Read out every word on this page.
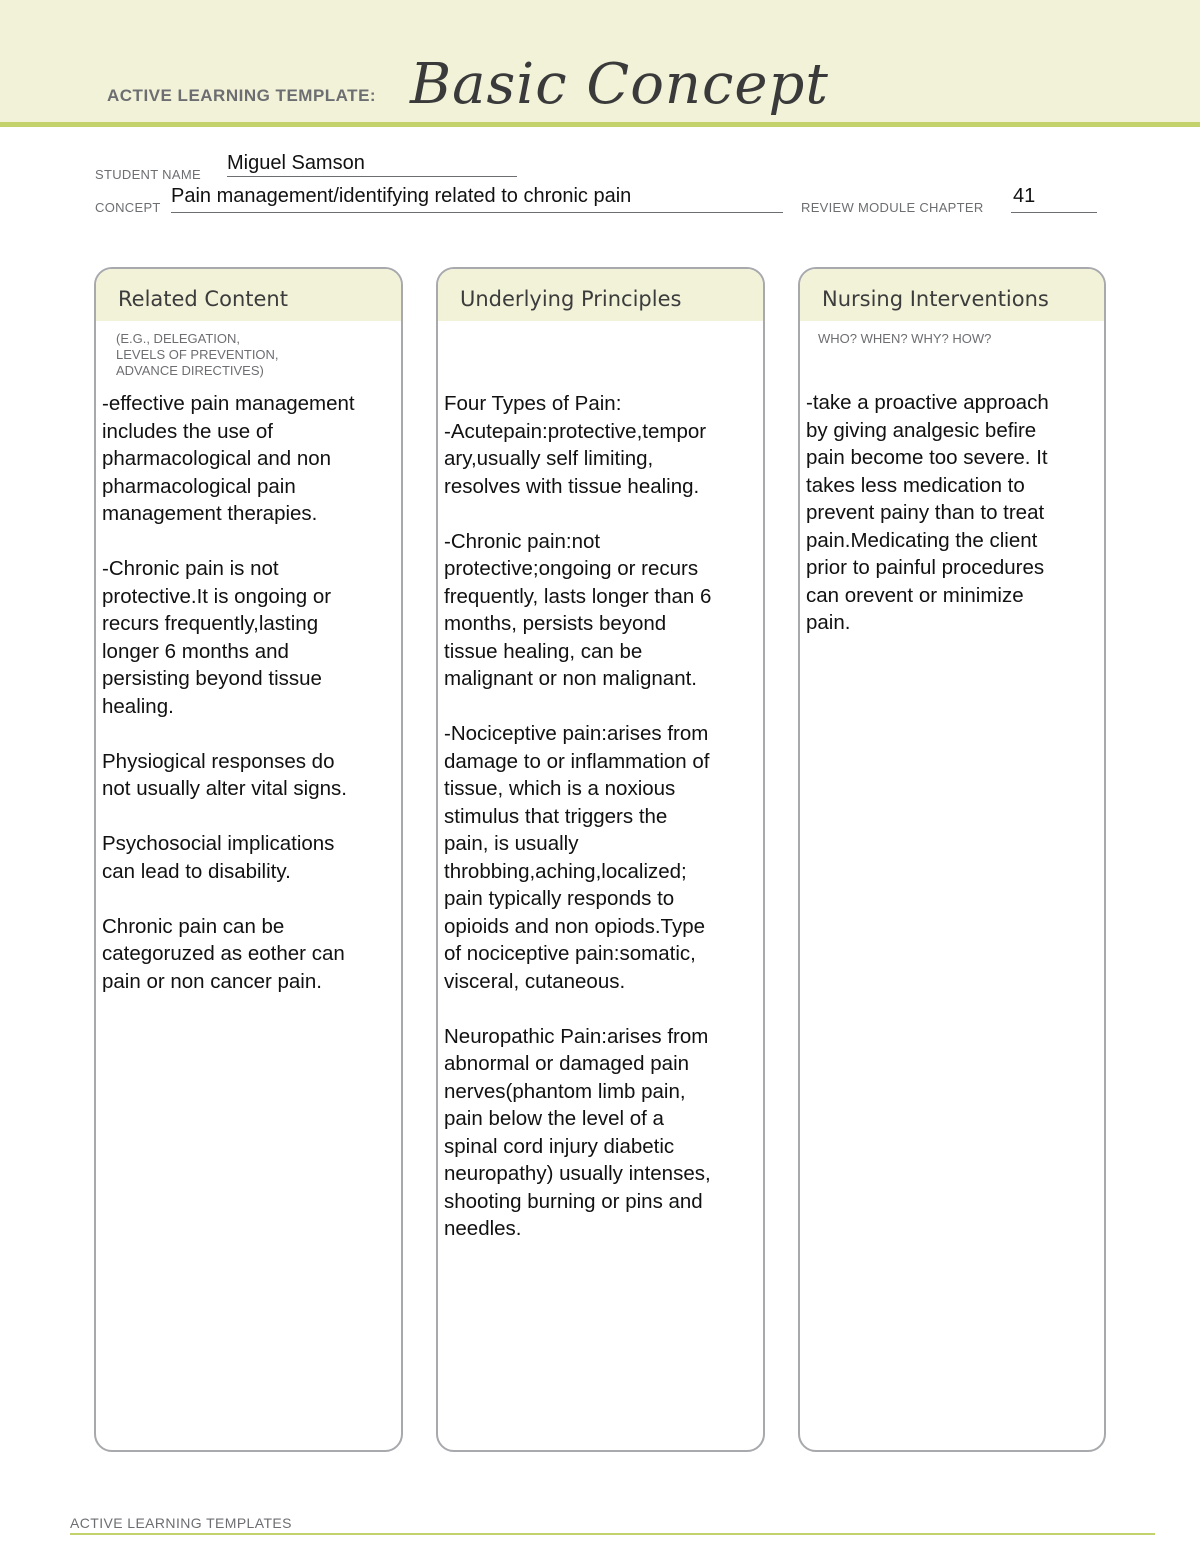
ACTIVE LEARNING TEMPLATE: Basic Concept
STUDENT NAME
Miguel Samson
CONCEPT
Pain management/identifying related to chronic pain
REVIEW MODULE CHAPTER
41
Related Content
(E.G., DELEGATION,
LEVELS OF PREVENTION,
ADVANCE DIRECTIVES)
-effective pain management
includes the use of
pharmacological and non
pharmacological pain
management therapies.

-Chronic pain is not
protective.It is ongoing or
recurs frequently,lasting
longer 6 months and
persisting beyond tissue
healing.

Physiogical responses do
not usually alter vital signs.

Psychosocial implications
can lead to disability.

Chronic pain can be
categoruzed as eother can
pain or non cancer pain.
Underlying Principles
Four Types of Pain:
-Acutepain:protective,tempor
ary,usually self limiting,
resolves with tissue healing.

-Chronic pain:not
protective;ongoing or recurs
frequently, lasts longer than 6
months, persists beyond
tissue healing, can be
malignant or non malignant.

-Nociceptive pain:arises from
damage to or inflammation of
tissue, which is a noxious
stimulus that triggers the
pain, is usually
throbbing,aching,localized;
pain typically responds to
opioids and non opiods.Type
of nociceptive pain:somatic,
visceral, cutaneous.

Neuropathic Pain:arises from
abnormal or damaged pain
nerves(phantom limb pain,
pain below the level of a
spinal cord injury diabetic
neuropathy) usually intenses,
shooting burning or pins and
needles.
Nursing Interventions
WHO? WHEN? WHY? HOW?
-take a proactive approach
by giving analgesic befire
pain become too severe. It
takes less medication to
prevent painy than to treat
pain.Medicating the client
prior to painful procedures
can orevent or minimize
pain.
ACTIVE LEARNING TEMPLATES
